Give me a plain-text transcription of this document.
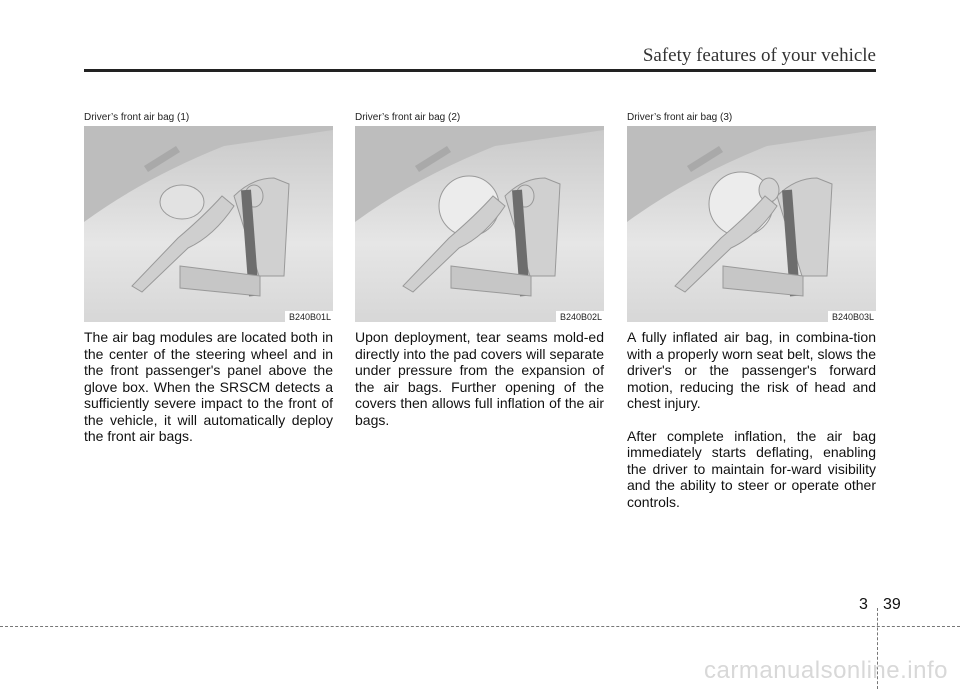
Safety features of your vehicle
Driver’s front air bag (1)
B240B01L

The air bag modules are located both in the center of the steering wheel and in the front passenger's panel above the glove box. When the SRSCM detects a sufficiently severe impact to the front of the vehicle, it will automatically deploy the front air bags.

Driver’s front air bag (2)
B240B02L

Upon deployment, tear seams mold-ed directly into the pad covers will separate under pressure from the expansion of the air bags. Further opening of the covers then allows full inflation of the air bags.

Driver’s front air bag (3)
B240B03L

A fully inflated air bag, in combina-tion with a properly worn seat belt, slows the driver's or the passenger's forward motion, reducing the risk of head and chest injury.

After complete inflation, the air bag immediately starts deflating, enabling the driver to maintain for-ward visibility and the ability to steer or operate other controls.

3 39
carmanualsonline.info
